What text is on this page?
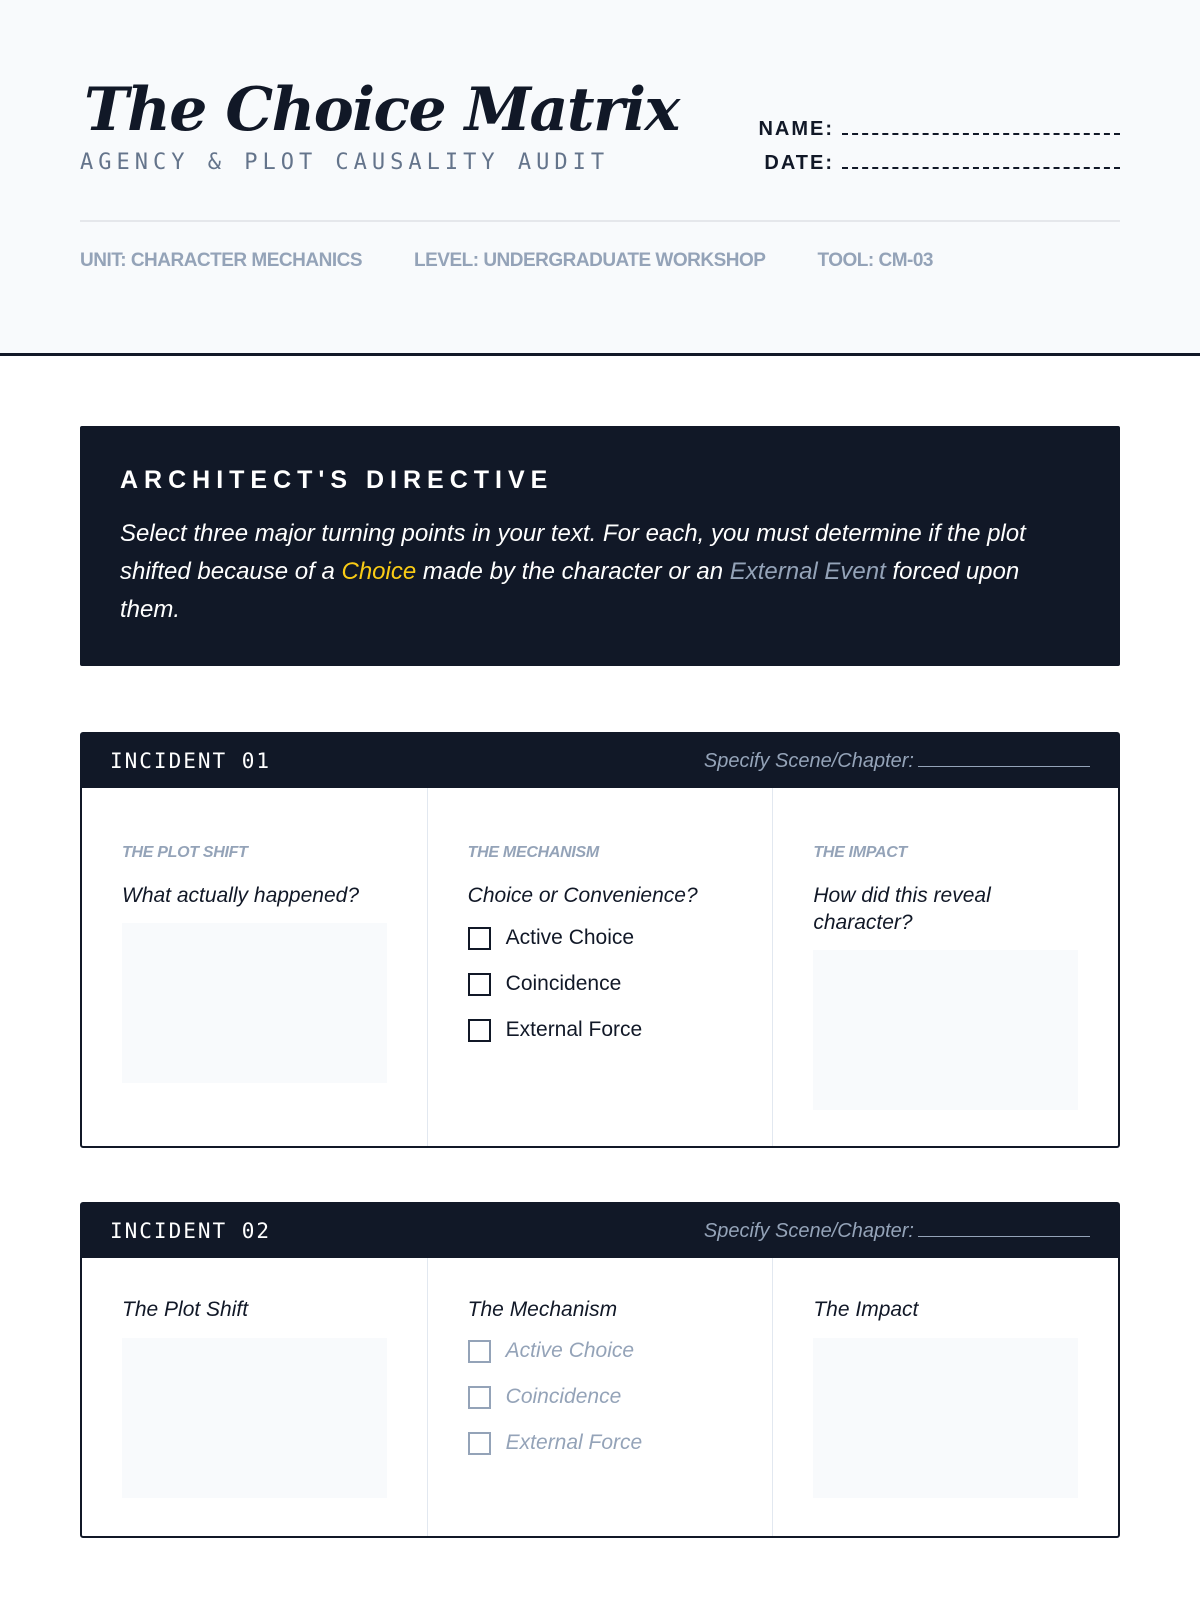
The Choice Matrix
AGENCY & PLOT CAUSALITY AUDIT
NAME:
DATE:
UNIT: CHARACTER MECHANICS	LEVEL: UNDERGRADUATE WORKSHOP	TOOL: CM-03
ARCHITECT'S DIRECTIVE
Select three major turning points in your text. For each, you must determine if the plot shifted because of a Choice made by the character or an External Event forced upon them.
INCIDENT 01	Specify Scene/Chapter:
THE PLOT SHIFT
What actually happened?
THE MECHANISM
Choice or Convenience?
Active Choice
Coincidence
External Force
THE IMPACT
How did this reveal character?
INCIDENT 02	Specify Scene/Chapter:
The Plot Shift	The Mechanism
Active Choice
Coincidence
External Force
The Impact
